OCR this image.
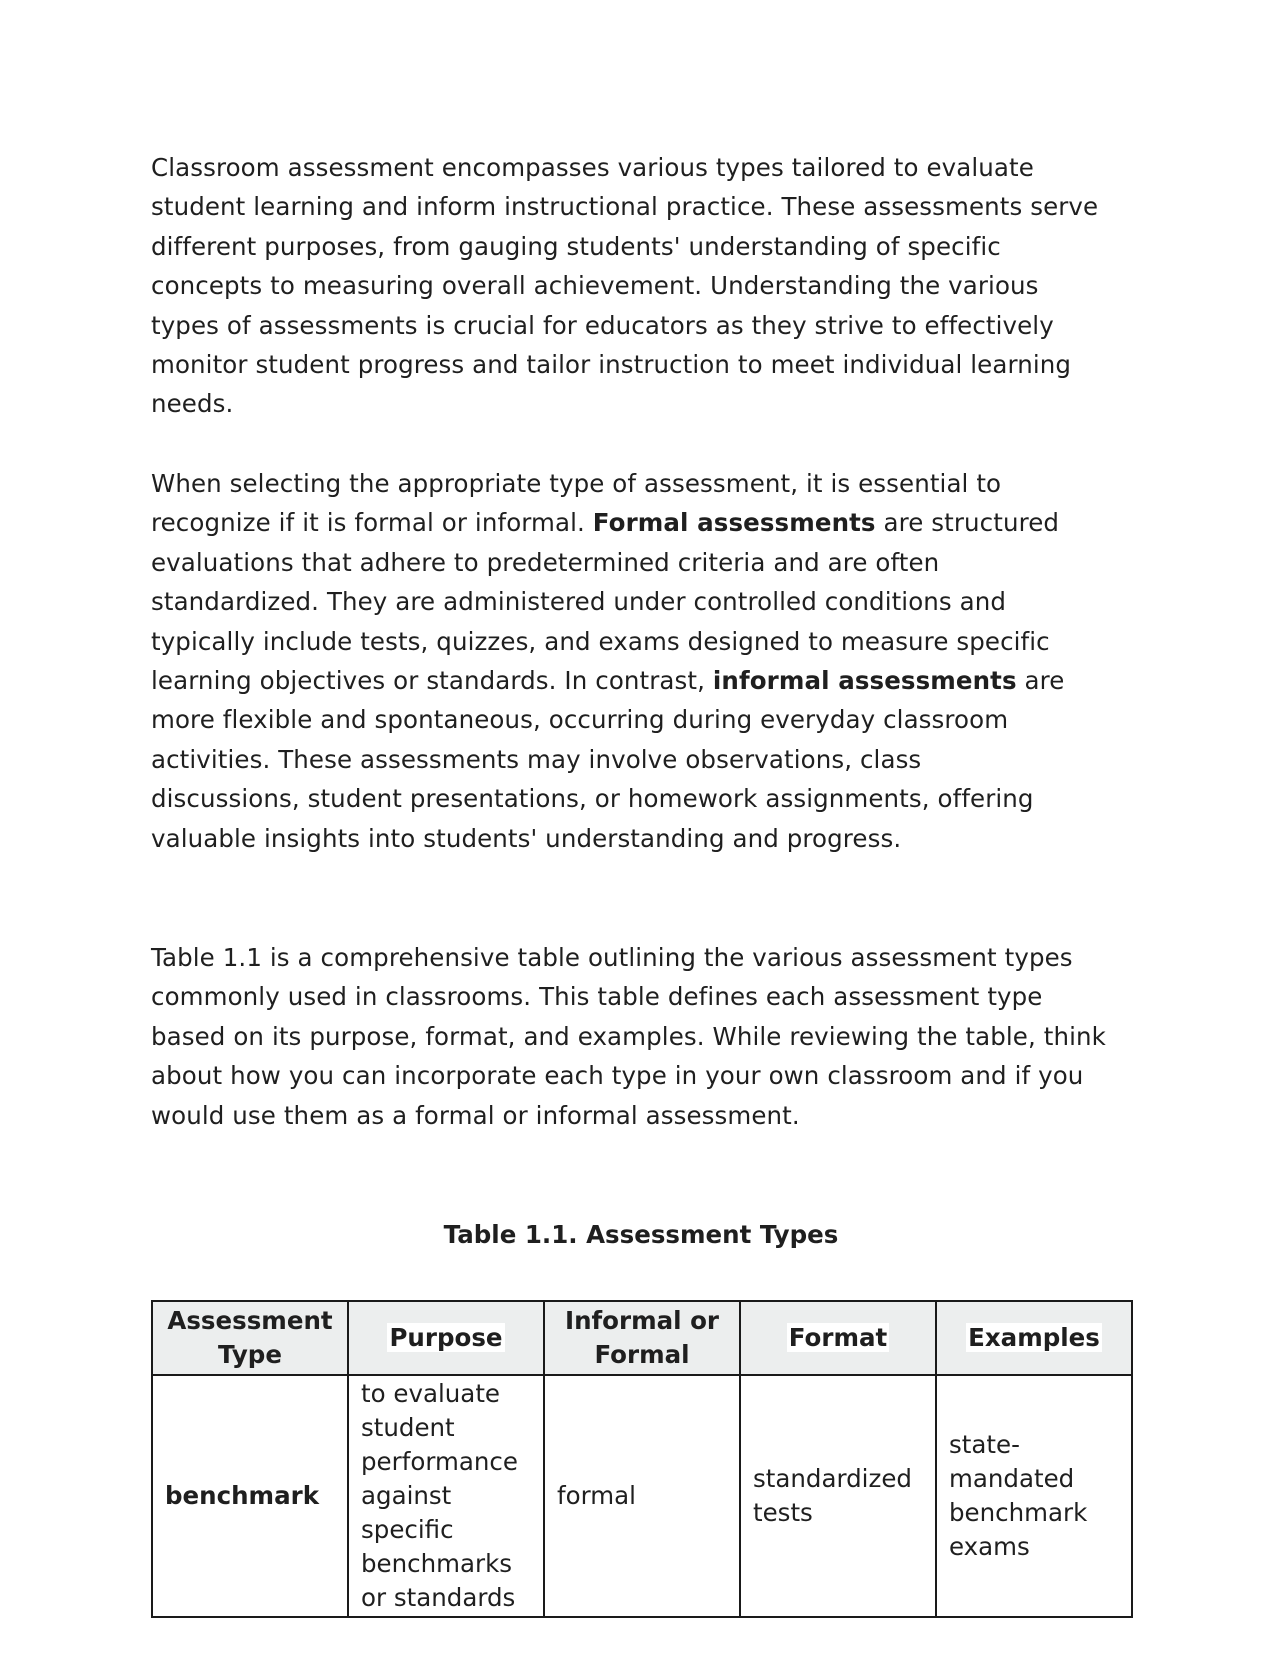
Classroom assessment encompasses various types tailored to evaluate student learning and inform instructional practice. These assessments serve different purposes, from gauging students' understanding of specific concepts to measuring overall achievement. Understanding the various types of assessments is crucial for educators as they strive to effectively monitor student progress and tailor instruction to meet individual learning needs.

When selecting the appropriate type of assessment, it is essential to recognize if it is formal or informal. Formal assessments are structured evaluations that adhere to predetermined criteria and are often standardized. They are administered under controlled conditions and typically include tests, quizzes, and exams designed to measure specific learning objectives or standards. In contrast, informal assessments are more flexible and spontaneous, occurring during everyday classroom activities. These assessments may involve observations, class discussions, student presentations, or homework assignments, offering valuable insights into students' understanding and progress.

Table 1.1 is a comprehensive table outlining the various assessment types commonly used in classrooms. This table defines each assessment type based on its purpose, format, and examples. While reviewing the table, think about how you can incorporate each type in your own classroom and if you would use them as a formal or informal assessment.

Table 1.1. Assessment Types

Assessment Type	Purpose	Informal or Formal	Format	Examples
benchmark	to evaluate student performance against specific benchmarks or standards	formal	standardized tests	state-mandated benchmark exams
